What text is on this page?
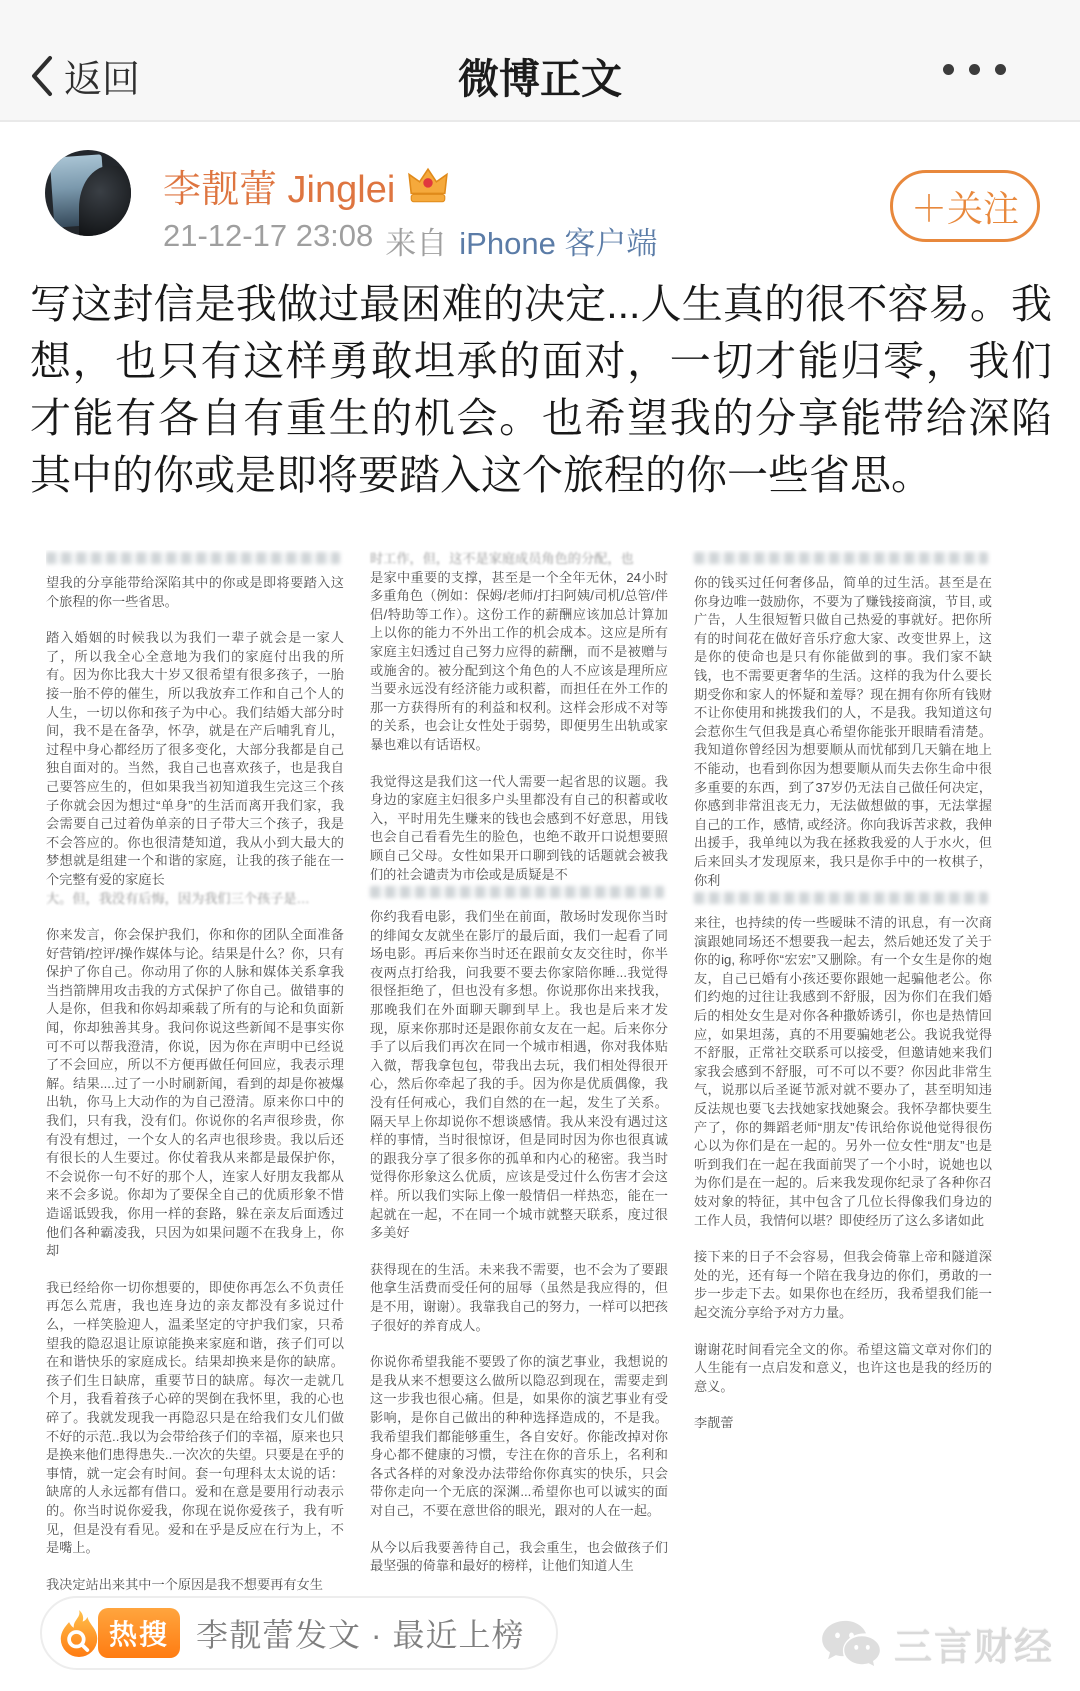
返回	微博正文
李靓蕾 Jinglei
21-12-17 23:08 来自 iPhone 客户端
＋关注
写这封信是我做过最困难的决定...人生真的很不容易。我想，也只有这样勇敢坦承的面对，一切才能归零，我们才能有各自有重生的机会。也希望我的分享能带给深陷其中的你或是即将要踏入这个旅程的你一些省思。

望我的分享能带给深陷其中的你或是即将要踏入这个旅程的你一些省思。

踏入婚姻的时候我以为我们一辈子就会是一家人了，所以我全心全意地为我们的家庭付出我的所有。因为你比我大十岁又很希望有很多孩子，一胎接一胎不停的催生，所以我放弃工作和自己个人的人生，一切以你和孩子为中心。我们结婚大部分时间，我不是在备孕，怀孕，就是在产后哺乳育儿，过程中身心都经历了很多变化，大部分我都是自己独自面对的。当然，我自己也喜欢孩子，也是我自己要答应生的，但如果我当初知道我生完这三个孩子你就会因为想过“单身”的生活而离开我们家，我会需要自己过着伪单亲的日子带大三个孩子，我是不会答应的。你也很清楚知道，我从小到大最大的梦想就是组建一个和谐的家庭，让我的孩子能在一个完整有爱的家庭长

大。但，我没有后悔，因为我们三个孩子是…

你来发言，你会保护我们，你和你的团队全面准备好营销/控评/操作媒体与论。结果是什么？你，只有保护了你自己。你动用了你的人脉和媒体关系拿我当挡箭牌用攻击我的方式保护了你自己。做错事的人是你，但我和你妈却乘载了所有的与论和负面新闻，你却独善其身。我问你说这些新闻不是事实你可不可以帮我澄清，你说，因为你在声明中已经说了不会回应，所以不方便再做任何回应，我表示理解。结果....过了一小时刷新闻，看到的却是你被爆出轨，你马上大动作的为自己澄清。原来你口中的我们，只有我，没有们。你说你的名声很珍贵，你有没有想过，一个女人的名声也很珍贵。我以后还有很长的人生要过。你仗着我从来都是最保护你，不会说你一句不好的那个人，连家人好朋友我都从来不会多说。你却为了要保全自己的优质形象不惜造谣诋毁我，你用一样的套路，躲在亲友后面透过他们各种霸凌我，只因为如果问题不在我身上，你却

我已经给你一切你想要的，即使你再怎么不负责任再怎么荒唐，我也连身边的亲友都没有多说过什么，一样笑脸迎人，温柔坚定的守护我们家，只希望我的隐忍退让原谅能换来家庭和谐，孩子们可以在和谐快乐的家庭成长。结果却换来是你的缺席。孩子们生日缺席，重要节日的缺席。每次一走就几个月，我看着孩子心碎的哭倒在我怀里，我的心也碎了。我就发现我一再隐忍只是在给我们女儿们做不好的示范..我以为会带给孩子们的幸福，原来也只是换来他们患得患失..一次次的失望。只要是在乎的事情，就一定会有时间。套一句理科太太说的话：缺席的人永远都有借口。爱和在意是要用行动表示的。你当时说你爱我，你现在说你爱孩子，我有听见，但是没有看见。爱和在乎是反应在行为上，不是嘴上。

我决定站出来其中一个原因是我不想要再有女生

时工作，但，这不是家庭成员角色的分配，也

是家中重要的支撑，甚至是一个全年无休，24小时多重角色（例如：保姆/老师/打扫阿姨/司机/总管/伴侣/特助等工作）。这份工作的薪酬应该加总计算加上以你的能力不外出工作的机会成本。这应是所有家庭主妇透过自己努力应得的薪酬，而不是被赠与或施舍的。被分配到这个角色的人不应该是理所应当要永远没有经济能力或积蓄，而担任在外工作的那一方获得所有的利益和权利。这样会形成不对等的关系，也会让女性处于弱势，即便男生出轨或家暴也难以有话语权。

我觉得这是我们这一代人需要一起省思的议题。我身边的家庭主妇很多户头里都没有自己的积蓄或收入，平时用先生赚来的钱也会感到不好意思，用钱也会自己看看先生的脸色，也绝不敢开口说想要照顾自己父母。女性如果开口聊到钱的话题就会被我们的社会谴责为市侩或是质疑是不

你约我看电影，我们坐在前面，散场时发现你当时的绯闻女友就坐在影厅的最后面，我们一起看了同场电影。再后来你当时还在跟前女友交往时，你半夜两点打给我，问我要不要去你家陪你睡...我觉得很怪拒绝了，但也没有多想。你说那你出来找我，那晚我们在外面聊天聊到早上。我也是后来才发现，原来你那时还是跟你前女友在一起。后来你分手了以后我们再次在同一个城市相遇，你对我体贴入微，帮我拿包包，带我出去玩，我们相处得很开心，然后你牵起了我的手。因为你是优质偶像，我没有任何戒心，我们自然的在一起，发生了关系。隔天早上你却说你不想谈感情。我从来没有遇过这样的事情，当时很惊讶，但是同时因为你也很真诚的跟我分享了很多你的孤单和内心的秘密。我当时觉得你形象这么优质，应该是受过什么伤害才会这样。所以我们实际上像一般情侣一样热恋，能在一起就在一起，不在同一个城市就整天联系，度过很多美好

获得现在的生活。未来我不需要，也不会为了要跟他拿生活费而受任何的屈辱（虽然是我应得的，但是不用，谢谢）。我靠我自己的努力，一样可以把孩子很好的养育成人。

你说你希望我能不要毁了你的演艺事业，我想说的是我从来不想要这么做所以隐忍到现在，需要走到这一步我也很心痛。但是，如果你的演艺事业有受影响，是你自己做出的种种选择造成的，不是我。我希望我们都能够重生，各自安好。你能改掉对你身心都不健康的习惯，专注在你的音乐上，名利和各式各样的对象没办法带给你你真实的快乐，只会带你走向一个无底的深渊...希望你也可以诚实的面对自己，不要在意世俗的眼光，跟对的人在一起。

从今以后我要善待自己，我会重生，也会做孩子们最坚强的倚靠和最好的榜样，让他们知道人生

你的钱买过任何奢侈品，简单的过生活。甚至是在你身边唯一鼓励你，不要为了赚钱接商演，节目, 或广告，人生很短暂只做自己热爱的事就好。把你所有的时间花在做好音乐疗愈大家、改变世界上，这是你的使命也是只有你能做到的事。我们家不缺钱，也不需要更奢华的生活。这样的我为什么要长期受你和家人的怀疑和羞辱？现在拥有你所有钱财不让你使用和挑拨我们的人，不是我。我知道这句会惹你生气但我是真心希望你能张开眼睛看清楚。我知道你曾经因为想要顺从而忧郁到几天躺在地上不能动，也看到你因为想要顺从而失去你生命中很多重要的东西，到了37岁仍无法自己做任何决定，你感到非常沮丧无力，无法做想做的事，无法掌握自己的工作，感情, 或经济。你向我诉苦求救，我伸出援手，我单纯以为我在拯救我爱的人于水火，但后来回头才发现原来，我只是你手中的一枚棋子，你利

来往，也持续的传一些暧昧不清的讯息，有一次商演跟她同场还不想要我一起去，然后她还发了关于你的ig, 称呼你“宏宏”又删除。有一个女生是你的炮友，自己已婚有小孩还要你跟她一起骗他老公。你们约炮的过往让我感到不舒服，因为你们在我们婚后的相处女生是对你各种撒娇诱引，你也是热情回应，如果坦荡，真的不用要骗她老公。我说我觉得不舒服，正常社交联系可以接受，但邀请她来我们家我会感到不舒服，可不可以不要？你因此非常生气，说那以后圣诞节派对就不要办了，甚至明知违反法规也要飞去找她家找她聚会。我怀孕都快要生产了，你的舞蹈老师“朋友”传讯给你说他觉得很伤心以为你们是在一起的。另外一位女性“朋友”也是听到我们在一起在我面前哭了一个小时，说她也以为你们是在一起的。后来我发现你纪录了各种你召妓对象的特征，其中包含了几位长得像我们身边的工作人员，我情何以堪？即使经历了这么多诸如此

接下来的日子不会容易，但我会倚靠上帝和隧道深处的光，还有每一个陪在我身边的你们，勇敢的一步一步走下去。如果你也在经历，我希望我们能一起交流分享给予对方力量。

谢谢花时间看完全文的你。希望这篇文章对你们的人生能有一点启发和意义，也许这也是我的经历的意义。

李靓蕾

热搜 李靓蕾发文 · 最近上榜	三言财经
